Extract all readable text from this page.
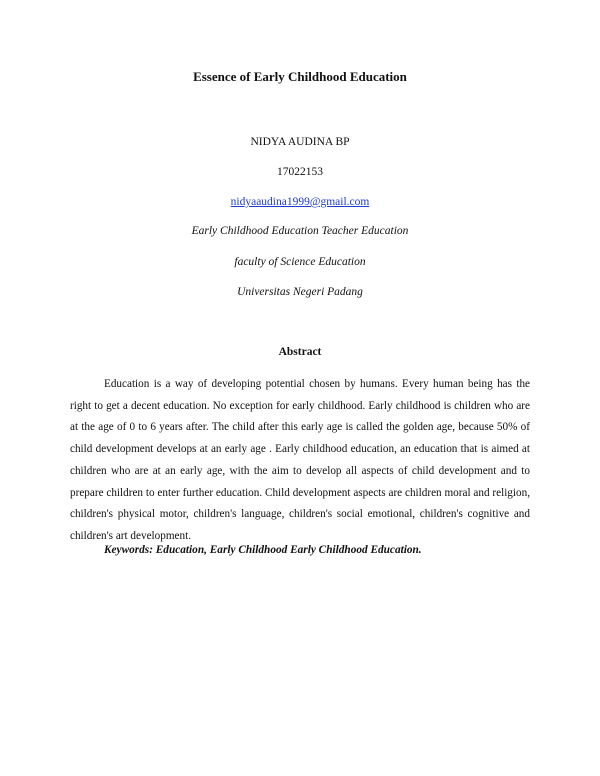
Essence of Early Childhood Education
NIDYA AUDINA BP
17022153
nidyaaudina1999@gmail.com
Early Childhood Education Teacher Education
faculty of Science Education
Universitas Negeri Padang
Abstract

Education is a way of developing potential chosen by humans. Every human being has the right to get a decent education. No exception for early childhood. Early childhood is children who are at the age of 0 to 6 years after. The child after this early age is called the golden age, because 50% of child development develops at an early age . Early childhood education, an education that is aimed at children who are at an early age, with the aim to develop all aspects of child development and to prepare children to enter further education. Child development aspects are children moral and religion, children's physical motor, children's language, children's social emotional, children's cognitive and children's art development.

Keywords: Education, Early Childhood Early Childhood Education.
